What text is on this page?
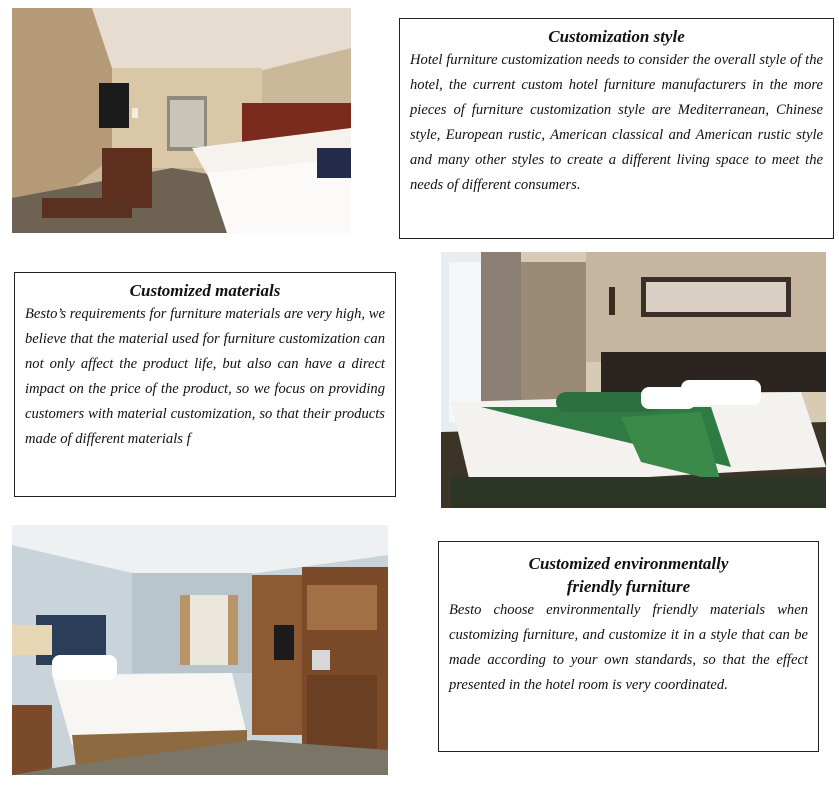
Customization style

Hotel furniture customization needs to consider the overall style of the hotel, the current custom hotel furniture manufacturers in the more pieces of furniture customization style are Mediterranean, Chinese style, European rustic, American classical and American rustic style and many other styles to create a different living space to meet the needs of different consumers.

Customized materials

Besto’s requirements for furniture materials are very high, we believe that the material used for furniture customization can not only affect the product life, but also can have a direct impact on the price of the product, so we focus on providing customers with material customization, so that their products made of different materials f

Customized environmentally

friendly furniture

Besto choose environmentally friendly materials when customizing furniture, and customize it in a style that can be made according to your own standards, so that the effect presented in the hotel room is very coordinated.
